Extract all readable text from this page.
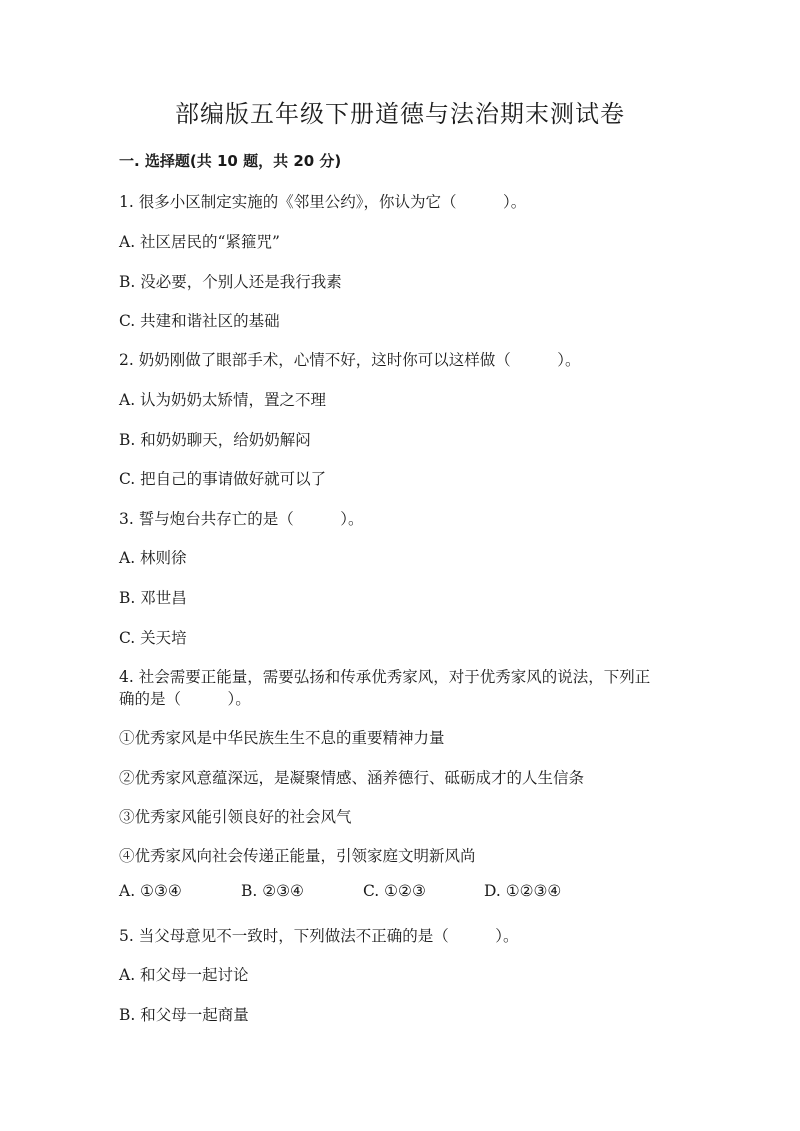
部编版五年级下册道德与法治期末测试卷
一. 选择题(共 10 题，共 20 分)
1. 很多小区制定实施的《邻里公约》，你认为它（　　　）。
A. 社区居民的“紧箍咒”
B. 没必要，个别人还是我行我素
C. 共建和谐社区的基础
2. 奶奶刚做了眼部手术，心情不好，这时你可以这样做（　　　）。
A. 认为奶奶太矫情，置之不理
B. 和奶奶聊天，给奶奶解闷
C. 把自己的事请做好就可以了
3. 誓与炮台共存亡的是（　　　）。
A. 林则徐
B. 邓世昌
C. 关天培
4. 社会需要正能量，需要弘扬和传承优秀家风，对于优秀家风的说法，下列正
确的是（　　　）。
①优秀家风是中华民族生生不息的重要精神力量
②优秀家风意蕴深远，是凝聚情感、涵养德行、砥砺成才的人生信条
③优秀家风能引领良好的社会风气
④优秀家风向社会传递正能量，引领家庭文明新风尚
A. ①③④	B. ②③④	C. ①②③	D. ①②③④
5. 当父母意见不一致时，下列做法不正确的是（　　　）。
A. 和父母一起讨论
B. 和父母一起商量
